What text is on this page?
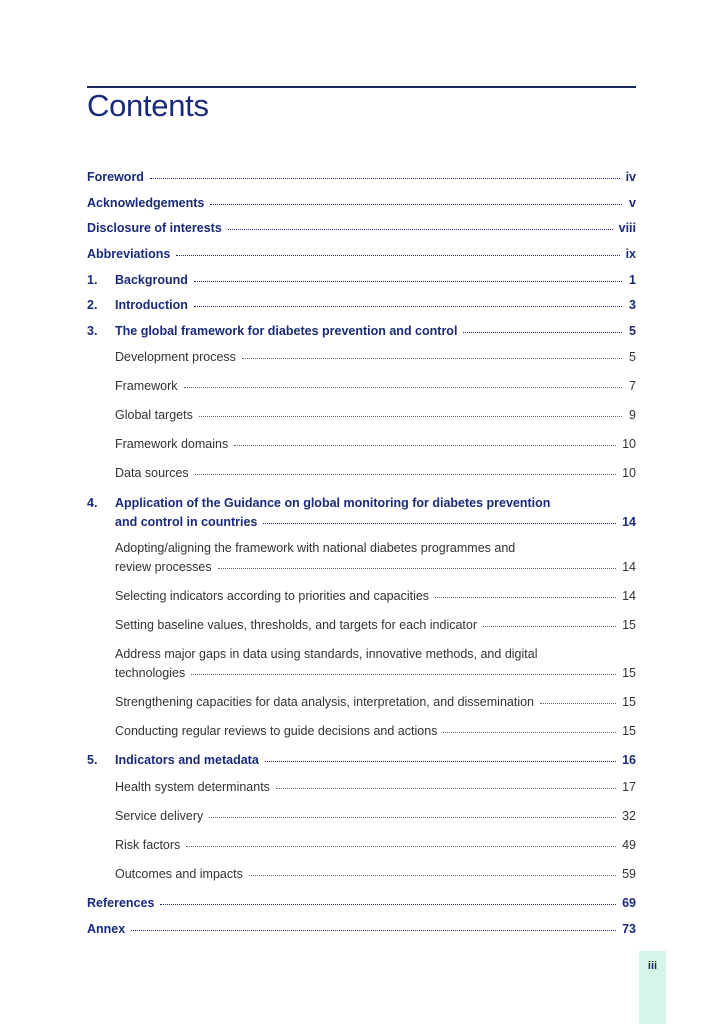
Contents
Foreword	iv
Acknowledgements	v
Disclosure of interests	viii
Abbreviations	ix
1.	Background	1
2.	Introduction	3
3.	The global framework for diabetes prevention and control	5
Development process	5
Framework	7
Global targets	9
Framework domains	10
Data sources	10
4.	Application of the Guidance on global monitoring for diabetes prevention
and control in countries	14
Adopting/aligning the framework with national diabetes programmes and
review processes	14
Selecting indicators according to priorities and capacities	14
Setting baseline values, thresholds, and targets for each indicator	15
Address major gaps in data using standards, innovative methods, and digital
technologies	15
Strengthening capacities for data analysis, interpretation, and dissemination	15
Conducting regular reviews to guide decisions and actions	15
5.	Indicators and metadata	16
Health system determinants	17
Service delivery	32
Risk factors	49
Outcomes and impacts	59
References	69
Annex	73
iii
